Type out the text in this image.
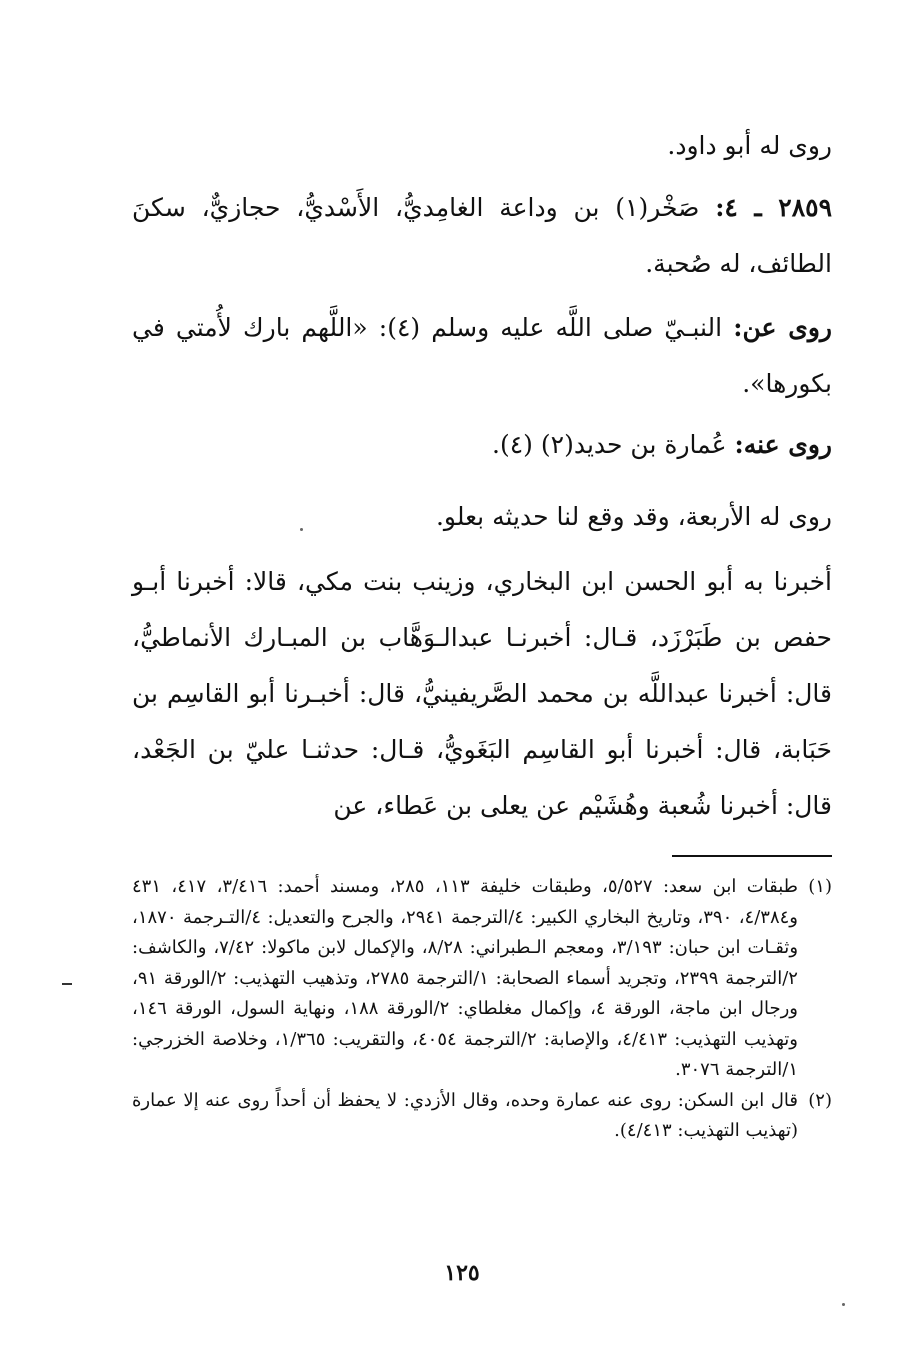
روى له أبو داود.

٢٨٥٩ ـ ٤: صَخْر(١) بن وداعة الغامِديُّ، الأَسْديُّ، حجازيٌّ، سكنَ الطائف، له صُحبة.

روى عن: النبـيّ صلى اللَّه عليه وسلم (٤): «اللَّهم بارك لأُمتي في بكورها».

روى عنه: عُمارة بن حديد(٢) (٤).

روى له الأربعة، وقد وقع لنا حديثه بعلو.

أخبرنا به أبو الحسن ابن البخاري، وزينب بنت مكي، قالا: أخبرنا أبـو حفص بن طَبَرْزَد، قـال: أخبرنـا عبدالـوَهَّاب بن المبـارك الأنماطيُّ، قال: أخبرنا عبداللَّه بن محمد الصَّريفينيُّ، قال: أخبـرنا أبو القاسِم بن حَبَابة، قال: أخبرنا أبو القاسِم البَغَويُّ، قـال: حدثنـا عليّ بن الجَعْد، قال: أخبرنا شُعبة وهُشَيْم عن يعلى بن عَطاء، عن

(١)
طبقات ابن سعد: ٥/٥٢٧، وطبقات خليفة ١١٣، ٢٨٥، ومسند أحمد: ٣/٤١٦، ٤١٧، ٤٣١ و٤/٣٨٤، ٣٩٠، وتاريخ البخاري الكبير: ٤/الترجمة ٢٩٤١، والجرح والتعديل: ٤/التـرجمة ١٨٧٠، وثقـات ابن حبان: ٣/١٩٣، ومعجم الـطبراني: ٨/٢٨، والإكمال لابن ماكولا: ٧/٤٢، والكاشف: ٢/الترجمة ٢٣٩٩، وتجريد أسماء الصحابة: ١/الترجمة ٢٧٨٥، وتذهيب التهذيب: ٢/الورقة ٩١، ورجال ابن ماجة، الورقة ٤، وإكمال مغلطاي: ٢/الورقة ١٨٨، ونهاية السول، الورقة ١٤٦، وتهذيب التهذيب: ٤/٤١٣، والإصابة: ٢/الترجمة ٤٠٥٤، والتقريب: ١/٣٦٥، وخلاصة الخزرجي: ١/الترجمة ٣٠٧٦.
(٢)
قال ابن السكن: روى عنه عمارة وحده، وقال الأزدي: لا يحفظ أن أحداً روى عنه إلا عمارة (تهذيب التهذيب: ٤/٤١٣).
١٢٥
